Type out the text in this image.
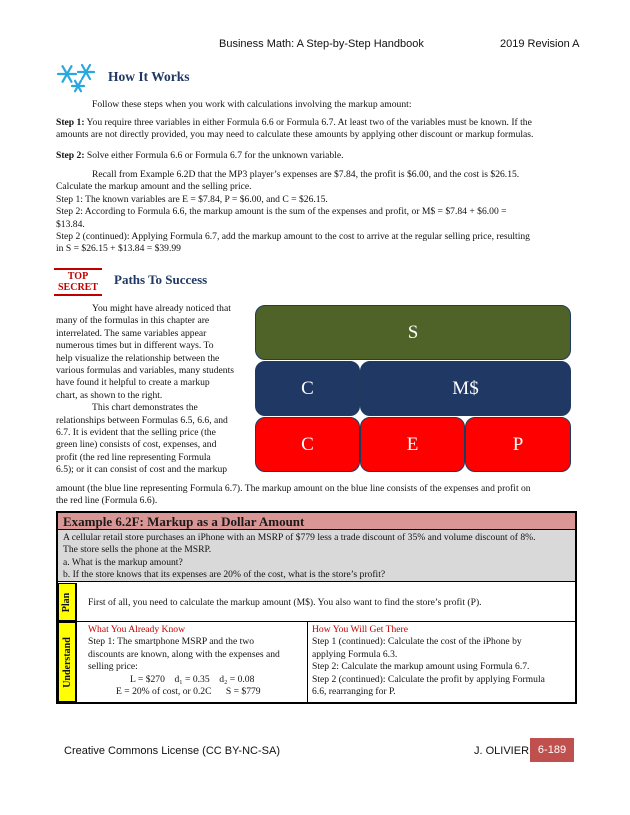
Business Math: A Step-by-Step Handbook	2019 Revision A
How It Works
Follow these steps when you work with calculations involving the markup amount:
Step 1: You require three variables in either Formula 6.6 or Formula 6.7. At least two of the variables must be known. If the
amounts are not directly provided, you may need to calculate these amounts by applying other discount or markup formulas.
Step 2: Solve either Formula 6.6 or Formula 6.7 for the unknown variable.
Recall from Example 6.2D that the MP3 player’s expenses are $7.84, the profit is $6.00, and the cost is $26.15.
Calculate the markup amount and the selling price.
Step 1: The known variables are E = $7.84, P = $6.00, and C = $26.15.
Step 2: According to Formula 6.6, the markup amount is the sum of the expenses and profit, or M$ = $7.84 + $6.00 =
$13.84.
Step 2 (continued): Applying Formula 6.7, add the markup amount to the cost to arrive at the regular selling price, resulting
in S = $26.15 + $13.84 = $39.99
TOP
SECRET
Paths To Success
You might have already noticed that
many of the formulas in this chapter are
interrelated. The same variables appear
numerous times but in different ways. To
help visualize the relationship between the
various formulas and variables, many students
have found it helpful to create a markup
chart, as shown to the right.
This chart demonstrates the
relationships between Formulas 6.5, 6.6, and
6.7. It is evident that the selling price (the
green line) consists of cost, expenses, and
profit (the red line representing Formula
6.5); or it can consist of cost and the markup
amount (the blue line representing Formula 6.7). The markup amount on the blue line consists of the expenses and profit on
the red line (Formula 6.6).
S
C	M$
C	E	P
Example 6.2F: Markup as a Dollar Amount
A cellular retail store purchases an iPhone with an MSRP of $779 less a trade discount of 35% and volume discount of 8%.
The store sells the phone at the MSRP.
a. What is the markup amount?
b. If the store knows that its expenses are 20% of the cost, what is the store’s profit?
Plan First of all, you need to calculate the markup amount (M$). You also want to find the store’s profit (P).
Understand
What You Already Know
Step 1: The smartphone MSRP and the two
discounts are known, along with the expenses and
selling price:
L = $270    d₁ = 0.35    d₂ = 0.08
E = 20% of cost, or 0.2C      S = $779
How You Will Get There
Step 1 (continued): Calculate the cost of the iPhone by
applying Formula 6.3.
Step 2: Calculate the markup amount using Formula 6.7.
Step 2 (continued): Calculate the profit by applying Formula
6.6, rearranging for P.
Creative Commons License (CC BY-NC-SA)	J. OLIVIER 6-189
